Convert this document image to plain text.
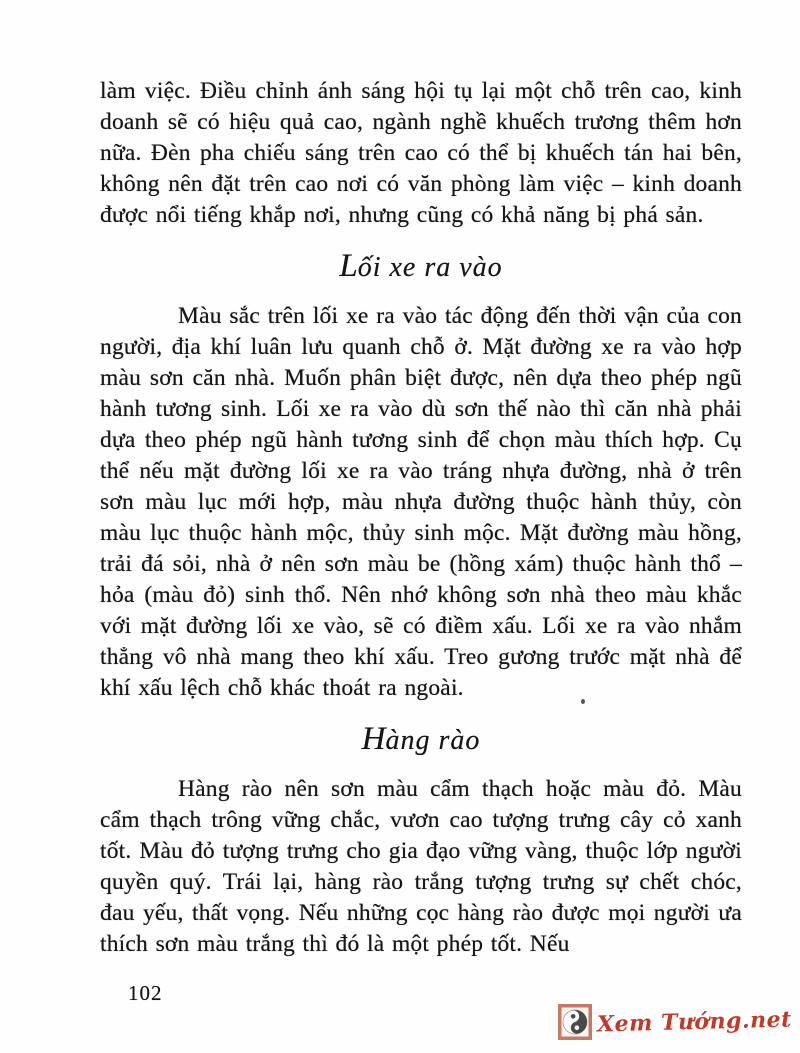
làm việc. Điều chỉnh ánh sáng hội tụ lại một chỗ trên cao, kinh doanh sẽ có hiệu quả cao, ngành nghề khuếch trương thêm hơn nữa. Đèn pha chiếu sáng trên cao có thể bị khuếch tán hai bên, không nên đặt trên cao nơi có văn phòng làm việc – kinh doanh được nổi tiếng khắp nơi, nhưng cũng có khả năng bị phá sản.

Lối xe ra vào

Màu sắc trên lối xe ra vào tác động đến thời vận của con người, địa khí luân lưu quanh chỗ ở. Mặt đường xe ra vào hợp màu sơn căn nhà. Muốn phân biệt được, nên dựa theo phép ngũ hành tương sinh. Lối xe ra vào dù sơn thế nào thì căn nhà phải dựa theo phép ngũ hành tương sinh để chọn màu thích hợp. Cụ thể nếu mặt đường lối xe ra vào tráng nhựa đường, nhà ở trên sơn màu lục mới hợp, màu nhựa đường thuộc hành thủy, còn màu lục thuộc hành mộc, thủy sinh mộc. Mặt đường màu hồng, trải đá sỏi, nhà ở nên sơn màu be (hồng xám) thuộc hành thổ – hỏa (màu đỏ) sinh thổ. Nên nhớ không sơn nhà theo màu khắc với mặt đường lối xe vào, sẽ có điềm xấu. Lối xe ra vào nhắm thẳng vô nhà mang theo khí xấu. Treo gương trước mặt nhà để khí xấu lệch chỗ khác thoát ra ngoài.

Hàng rào

Hàng rào nên sơn màu cẩm thạch hoặc màu đỏ. Màu cẩm thạch trông vững chắc, vươn cao tượng trưng cây cỏ xanh tốt. Màu đỏ tượng trưng cho gia đạo vững vàng, thuộc lớp người quyền quý. Trái lại, hàng rào trắng tượng trưng sự chết chóc, đau yếu, thất vọng. Nếu những cọc hàng rào được mọi người ưa thích sơn màu trắng thì đó là một phép tốt. Nếu

102
Xem Tướng.net
